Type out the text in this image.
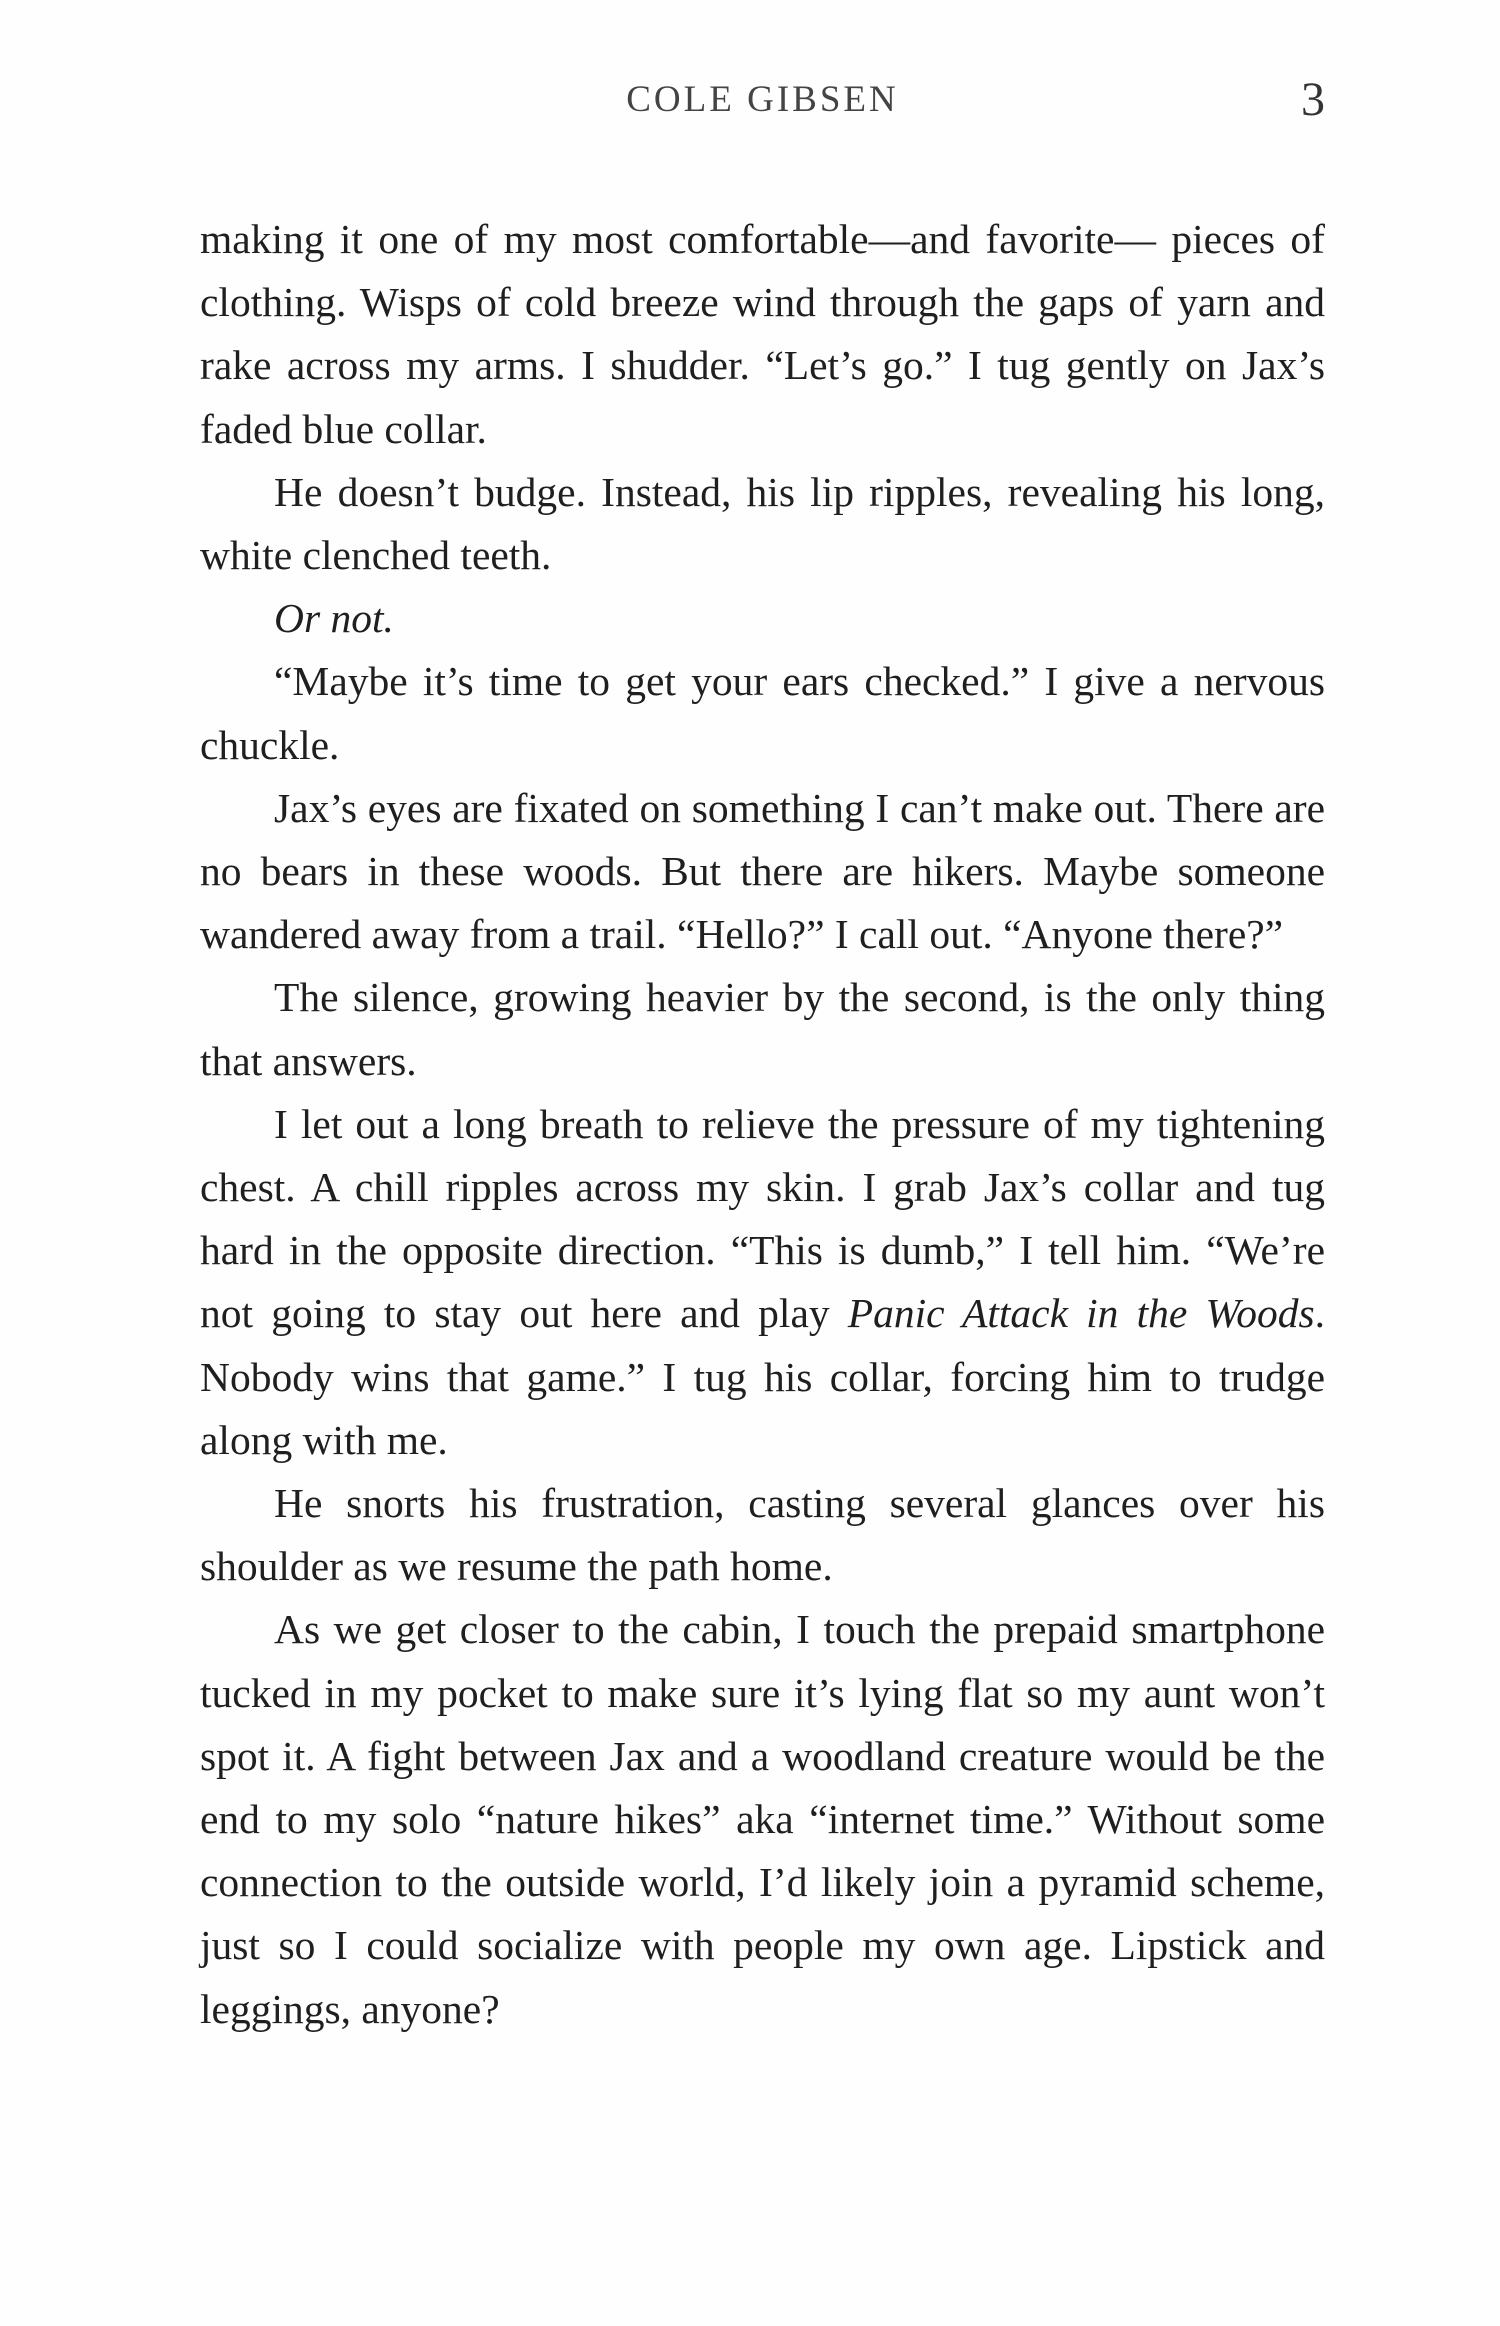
COLE GIBSEN	3

making it one of my most comfortable—and favorite— pieces of clothing. Wisps of cold breeze wind through the gaps of yarn and rake across my arms. I shudder. “Let’s go.” I tug gently on Jax’s faded blue collar.

He doesn’t budge. Instead, his lip ripples, revealing his long, white clenched teeth.

Or not.

“Maybe it’s time to get your ears checked.” I give a nervous chuckle.

Jax’s eyes are fixated on something I can’t make out. There are no bears in these woods. But there are hikers. Maybe someone wandered away from a trail. “Hello?” I call out. “Anyone there?”

The silence, growing heavier by the second, is the only thing that answers.

I let out a long breath to relieve the pressure of my tightening chest. A chill ripples across my skin. I grab Jax’s collar and tug hard in the opposite direction. “This is dumb,” I tell him. “We’re not going to stay out here and play Panic Attack in the Woods. Nobody wins that game.” I tug his collar, forcing him to trudge along with me.

He snorts his frustration, casting several glances over his shoulder as we resume the path home.

As we get closer to the cabin, I touch the prepaid smartphone tucked in my pocket to make sure it’s lying flat so my aunt won’t spot it. A fight between Jax and a woodland creature would be the end to my solo “nature hikes” aka “internet time.” Without some connection to the outside world, I’d likely join a pyramid scheme, just so I could socialize with people my own age. Lipstick and leggings, anyone?
